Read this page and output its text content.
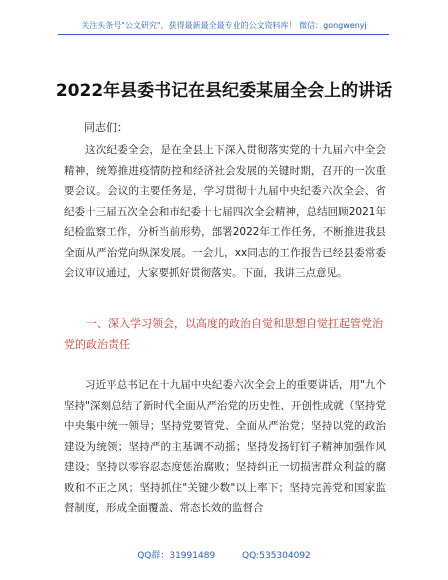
关注头条号"公文研究"，获得最新最全最专业的公文资料库！ 微信：gongwenyj
2022年县委书记在县纪委某届全会上的讲话
同志们：

这次纪委全会，是在全县上下深入贯彻落实党的十九届六中全会精神，统筹推进疫情防控和经济社会发展的关键时期，召开的一次重要会议。会议的主要任务是，学习贯彻十九届中央纪委六次全会、省纪委十三届五次全会和市纪委十七届四次全会精神，总结回顾2021年纪检监察工作，分析当前形势，部署2022年工作任务，不断推进我县全面从严治党向纵深发展。一会儿，xx同志的工作报告已经县委常委会议审议通过，大家要抓好贯彻落实。下面，我讲三点意见。

一、深入学习领会，以高度的政治自觉和思想自觉扛起管党治党的政治责任

习近平总书记在十九届中央纪委六次全会上的重要讲话，用"九个坚持"深刻总结了新时代全面从严治党的历史性、开创性成就（坚持党中央集中统一领导；坚持党要管党、全面从严治党；坚持以党的政治建设为统领；坚持严的主基调不动摇；坚持发扬钉钉子精神加强作风建设；坚持以零容忍态度惩治腐败；坚持纠正一切损害群众利益的腐败和不正之风；坚持抓住"关键少数"以上率下；坚持完善党和国家监督制度，形成全面覆盖、常态长效的监督合

QQ群：31991489	QQ:535304092
